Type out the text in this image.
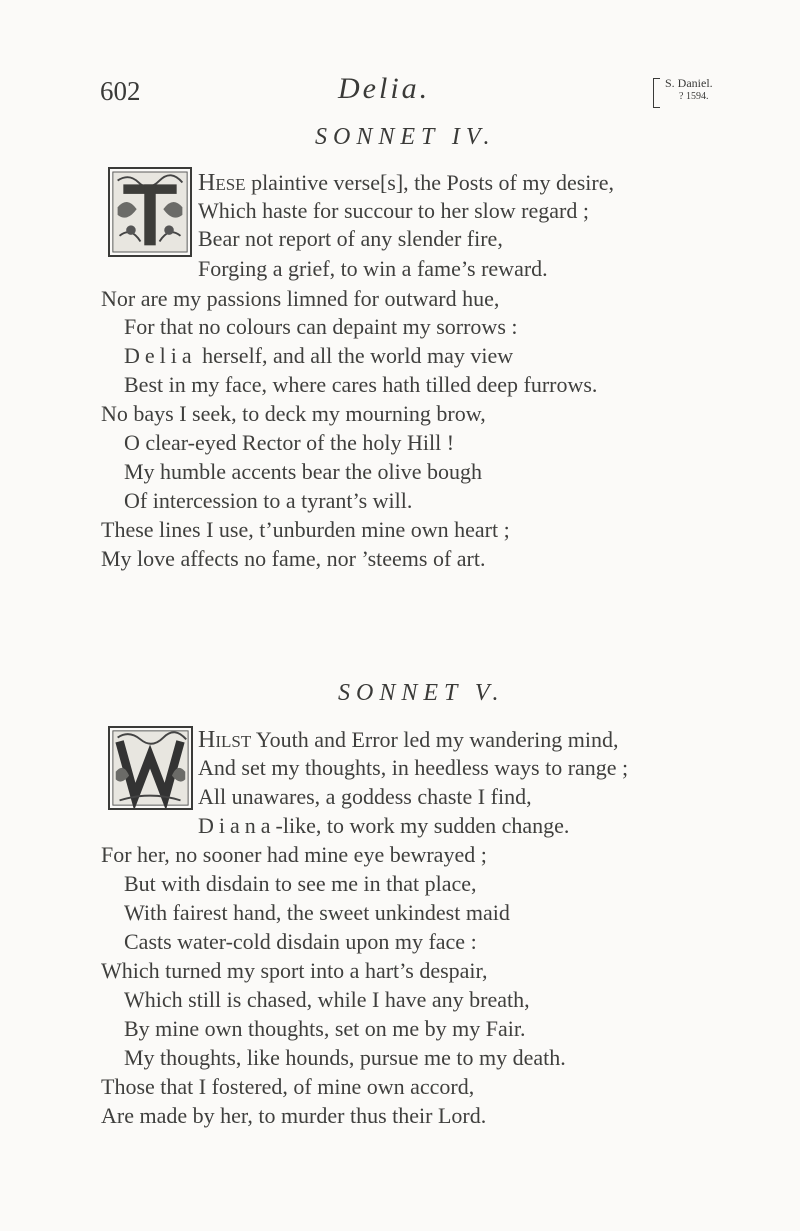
602	Delia.	S. Daniel.
? 1594.
SONNET IV.
Hese plaintive verse[s], the Posts of my desire,
Which haste for succour to her slow regard ;
Bear not report of any slender fire,
Forging a grief, to win a fame’s reward.
Nor are my passions limned for outward hue,
For that no colours can depaint my sorrows :
Delia herself, and all the world may view
Best in my face, where cares hath tilled deep furrows.
No bays I seek, to deck my mourning brow,
O clear-eyed Rector of the holy Hill !
My humble accents bear the olive bough
Of intercession to a tyrant’s will.
These lines I use, t’unburden mine own heart ;
My love affects no fame, nor ’steems of art.
SONNET V.
Hilst Youth and Error led my wandering mind,
And set my thoughts, in heedless ways to range ;
All unawares, a goddess chaste I find,
Diana-like, to work my sudden change.
For her, no sooner had mine eye bewrayed ;
But with disdain to see me in that place,
With fairest hand, the sweet unkindest maid
Casts water-cold disdain upon my face :
Which turned my sport into a hart’s despair,
Which still is chased, while I have any breath,
By mine own thoughts, set on me by my Fair.
My thoughts, like hounds, pursue me to my death.
Those that I fostered, of mine own accord,
Are made by her, to murder thus their Lord.
